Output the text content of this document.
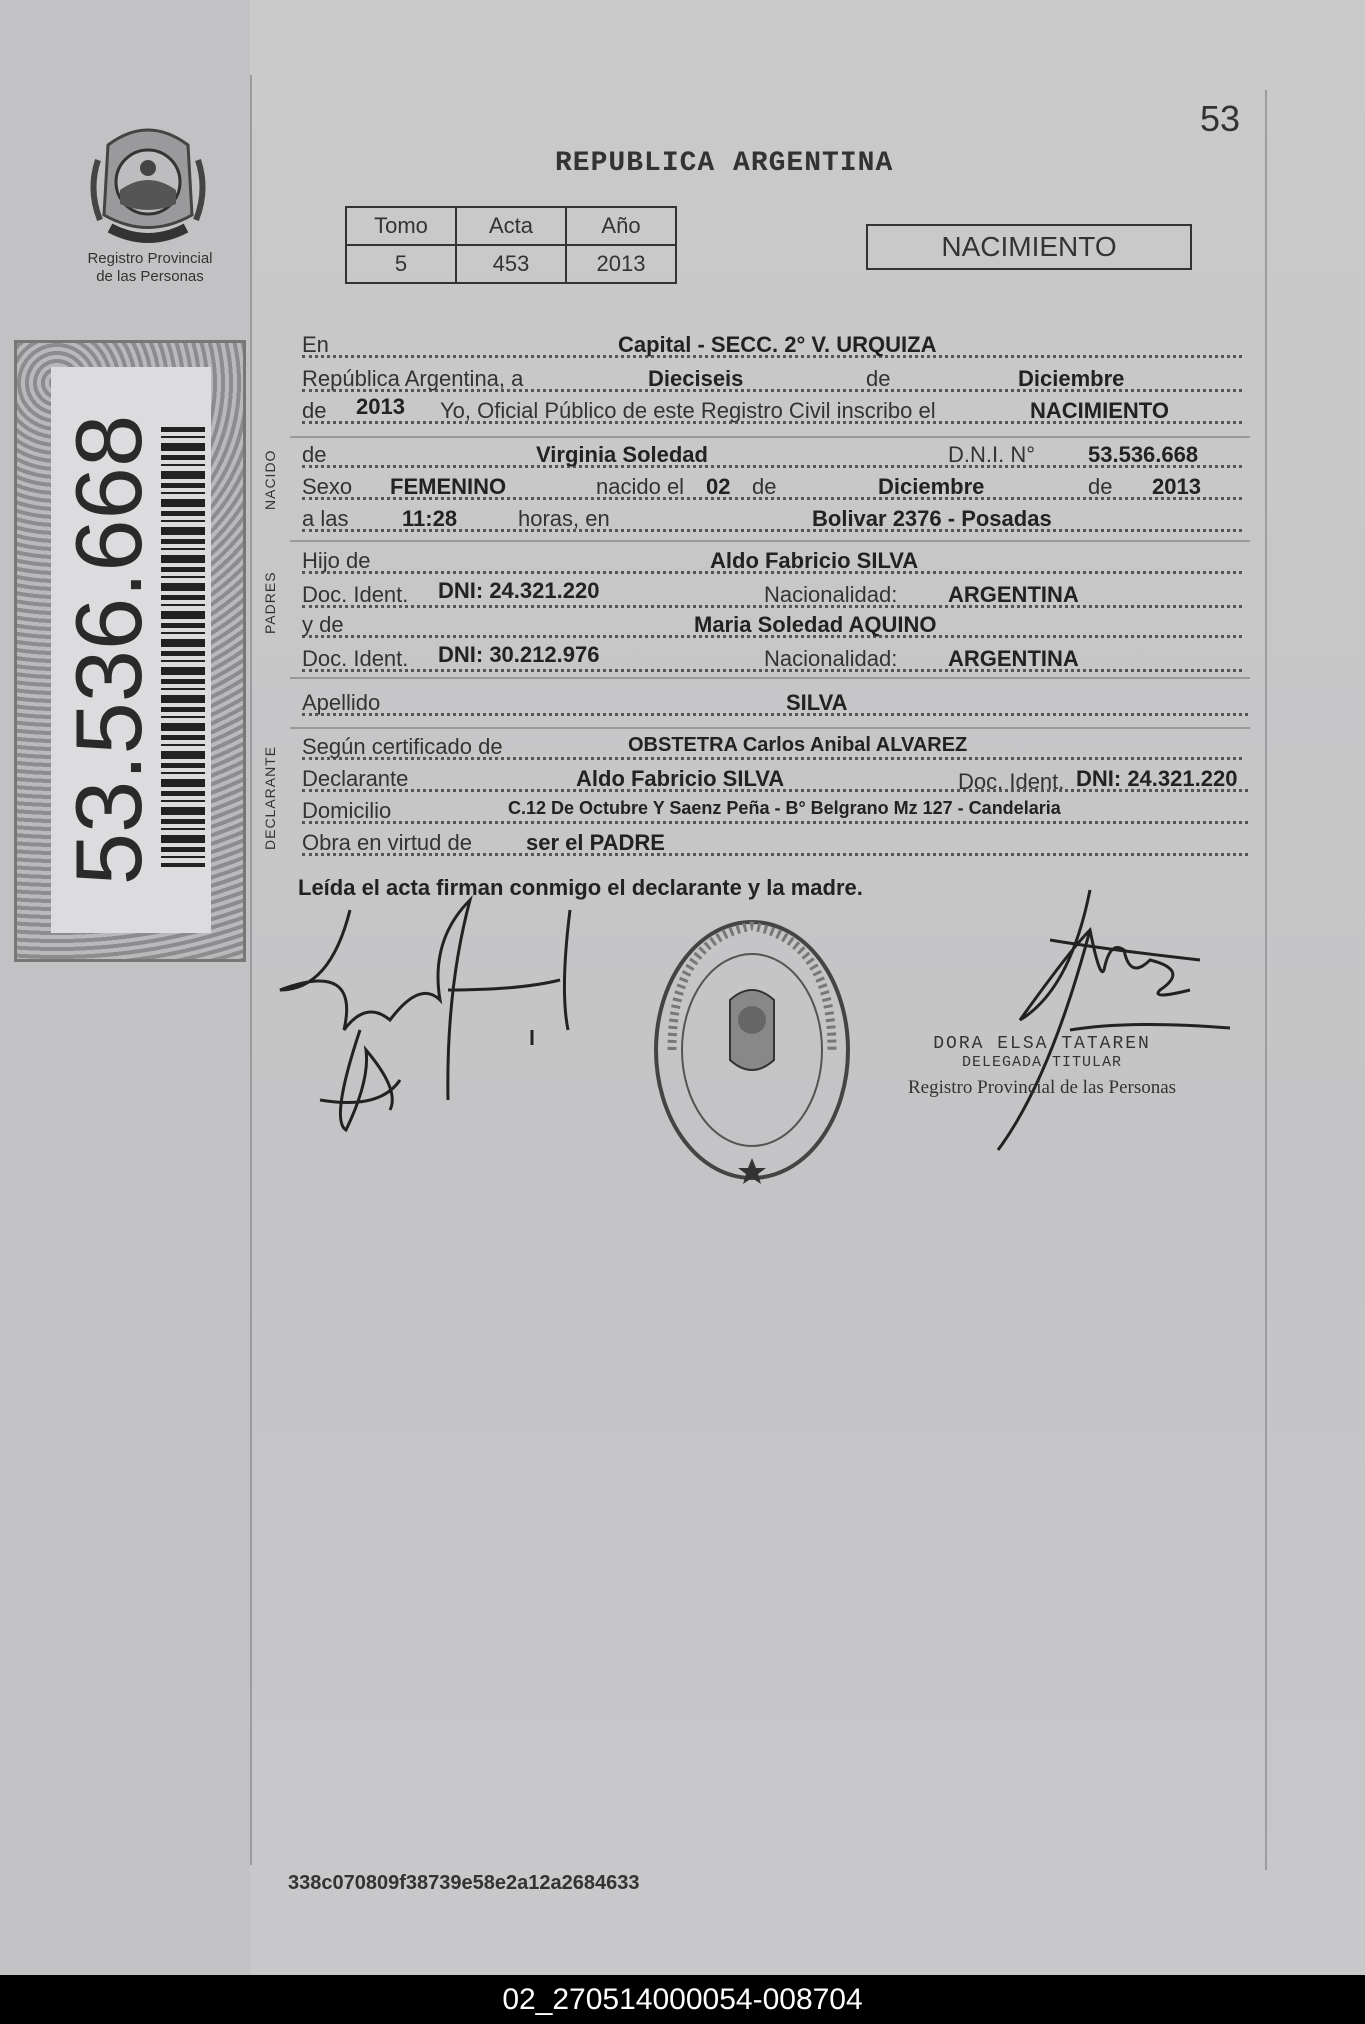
53
REPUBLICA ARGENTINA
Registro Provincial
de las Personas
53.536.668
Tomo	Acta	Año
5	453	2013
NACIMIENTO
NACIDO
PADRES
DECLARANTE
En	Capital - SECC. 2° V. URQUIZA
República Argentina, a	Dieciseis	de	Diciembre
de 2013 Yo, Oficial Público de este Registro Civil inscribo el	NACIMIENTO
de	Virginia Soledad	D.N.I. N° 53.536.668
Sexo FEMENINO	nacido el 02 de	Diciembre	de 2013
a las 11:28	horas, en	Bolivar 2376 - Posadas
Hijo de	Aldo Fabricio SILVA
Doc. Ident. DNI: 24.321.220	Nacionalidad: ARGENTINA
y de	Maria Soledad AQUINO
Doc. Ident. DNI: 30.212.976	Nacionalidad: ARGENTINA
Apellido	SILVA
Según certificado de	OBSTETRA Carlos Anibal ALVAREZ
Declarante	Aldo Fabricio SILVA	Doc. Ident. DNI: 24.321.220
Domicilio	C.12 De Octubre Y Saenz Peña - B° Belgrano Mz 127 - Candelaria
Obra en virtud de ser el PADRE
Leída el acta firman conmigo el declarante y la madre.
DORA ELSA TATAREN
DELEGADA TITULAR
Registro Provincial de las Personas
338c070809f38739e58e2a12a2684633
02_270514000054-008704
